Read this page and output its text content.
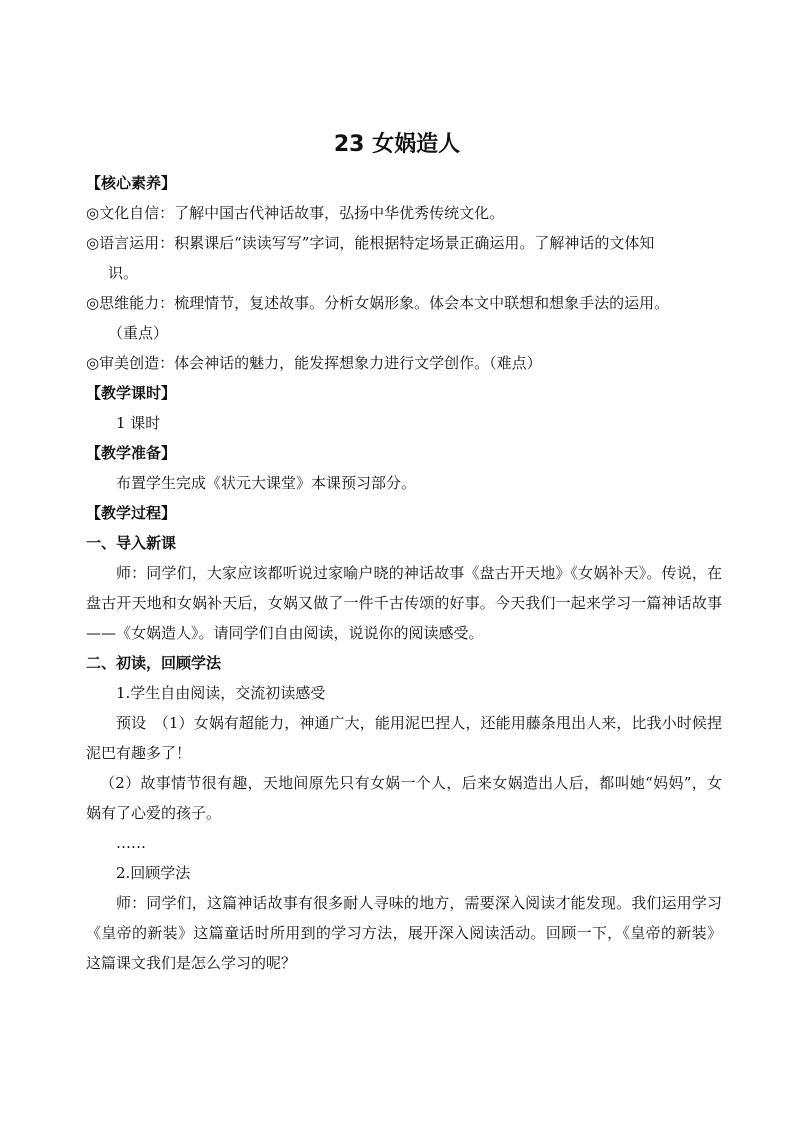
23 女娲造人

【核心素养】

◎文化自信：了解中国古代神话故事，弘扬中华优秀传统文化。

◎语言运用：积累课后“读读写写”字词，能根据特定场景正确运用。了解神话的文体知

识。

◎思维能力：梳理情节，复述故事。分析女娲形象。体会本文中联想和想象手法的运用。

（重点）

◎审美创造：体会神话的魅力，能发挥想象力进行文学创作。（难点）

【教学课时】

1 课时

【教学准备】

布置学生完成《状元大课堂》本课预习部分。

【教学过程】

一、导入新课

师：同学们，大家应该都听说过家喻户晓的神话故事《盘古开天地》《女娲补天》。传说，在盘古开天地和女娲补天后，女娲又做了一件千古传颂的好事。今天我们一起来学习一篇神话故事——《女娲造人》。请同学们自由阅读，说说你的阅读感受。

二、初读，回顾学法

1.学生自由阅读，交流初读感受

预设　（1）女娲有超能力，神通广大，能用泥巴捏人，还能用藤条甩出人来，比我小时候捏泥巴有趣多了！

（2）故事情节很有趣，天地间原先只有女娲一个人，后来女娲造出人后，都叫她“妈妈”，女娲有了心爱的孩子。

……

2.回顾学法

师：同学们，这篇神话故事有很多耐人寻味的地方，需要深入阅读才能发现。我们运用学习《皇帝的新装》这篇童话时所用到的学习方法，展开深入阅读活动。回顾一下，《皇帝的新装》这篇课文我们是怎么学习的呢？
